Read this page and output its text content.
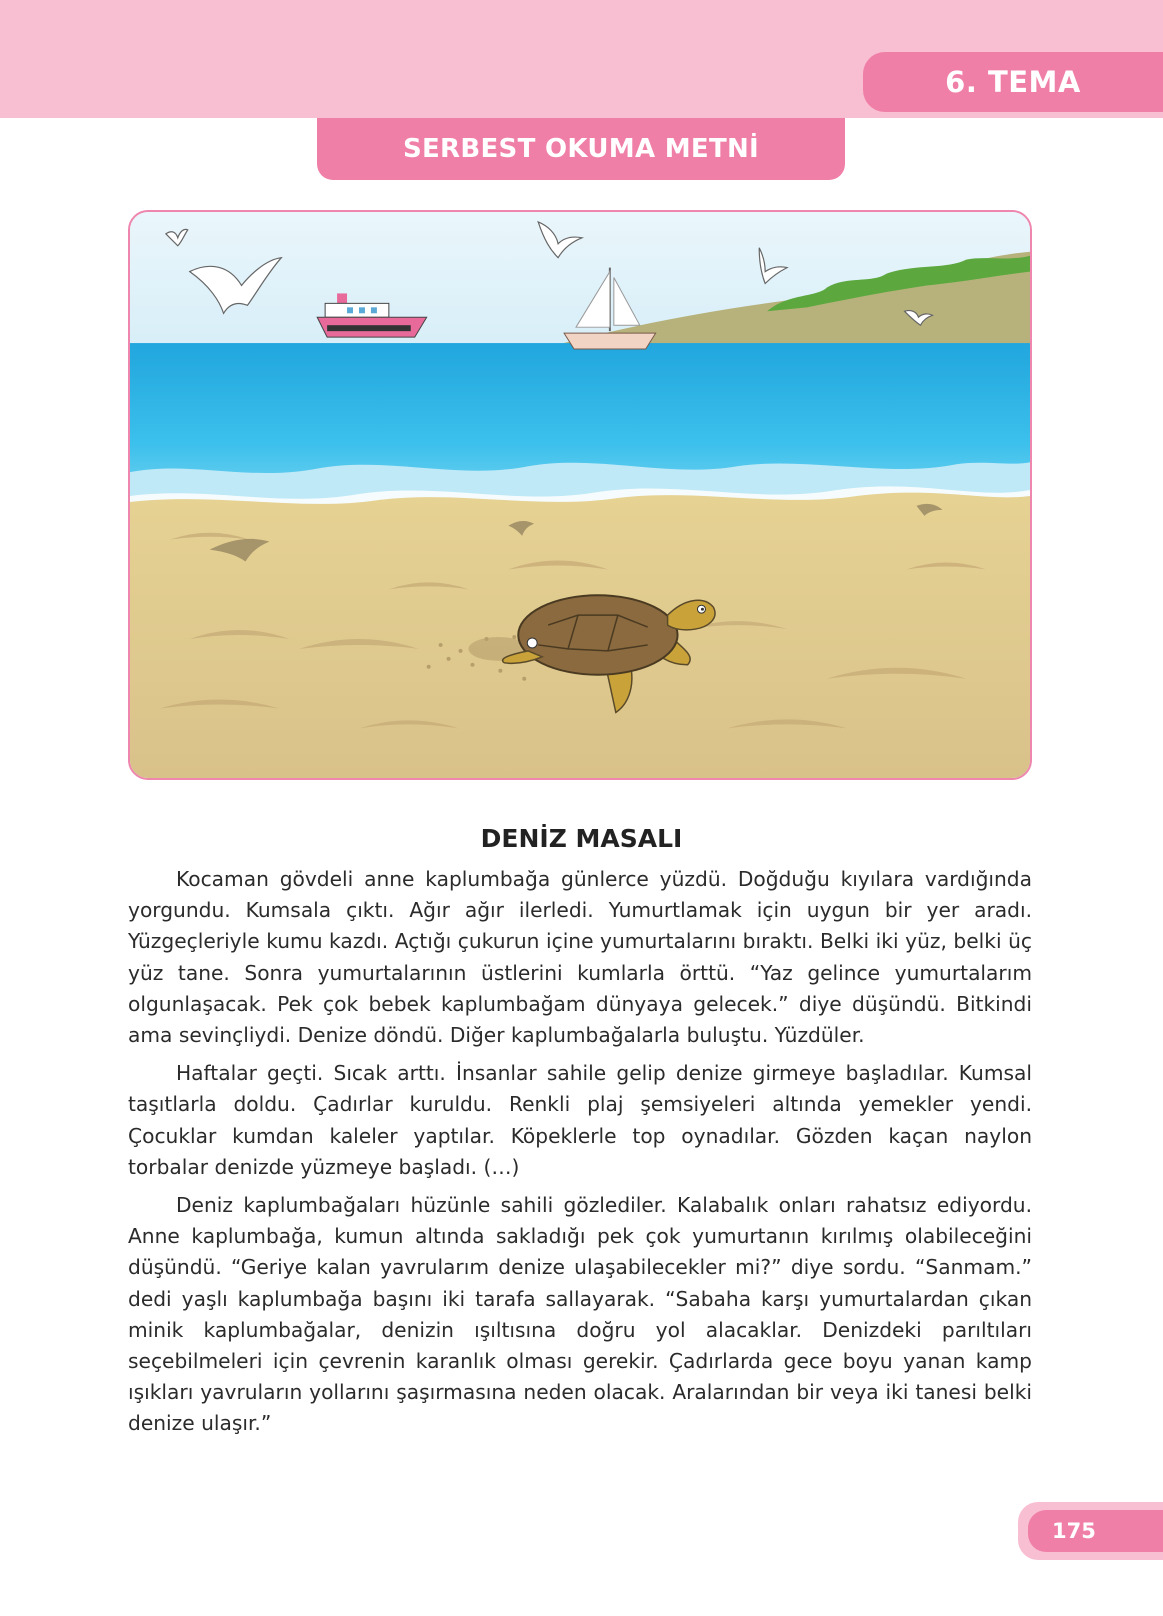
6. TEMA
SERBEST OKUMA METNİ
DENİZ MASALI

Kocaman gövdeli anne kaplumbağa günlerce yüzdü. Doğduğu kıyılara vardığında yorgundu. Kumsala çıktı. Ağır ağır ilerledi. Yumurtlamak için uygun bir yer aradı. Yüzgeçleriyle kumu kazdı. Açtığı çukurun içine yumurtalarını bıraktı. Belki iki yüz, belki üç yüz tane. Sonra yumurtalarının üstlerini kumlarla örttü. “Yaz gelince yumurtalarım olgunlaşacak. Pek çok bebek kaplumbağam dünyaya gelecek.” diye düşündü. Bitkindi ama sevinçliydi. Denize döndü. Diğer kaplumbağalarla buluştu. Yüzdüler.

Haftalar geçti. Sıcak arttı. İnsanlar sahile gelip denize girmeye başladılar. Kumsal taşıtlarla doldu. Çadırlar kuruldu. Renkli plaj şemsiyeleri altında yemekler yendi. Çocuklar kumdan kaleler yaptılar. Köpeklerle top oynadılar. Gözden kaçan naylon torbalar denizde yüzmeye başladı. (…)

Deniz kaplumbağaları hüzünle sahili gözlediler. Kalabalık onları rahatsız ediyordu. Anne kaplumbağa, kumun altında sakladığı pek çok yumurtanın kırılmış olabileceğini düşündü. “Geriye kalan yavrularım denize ulaşabilecekler mi?” diye sordu. “Sanmam.” dedi yaşlı kaplumbağa başını iki tarafa sallayarak. “Sabaha karşı yumurtalardan çıkan minik kaplumbağalar, denizin ışıltısına doğru yol alacaklar. Denizdeki parıltıları seçebilmeleri için çevrenin karanlık olması gerekir. Çadırlarda gece boyu yanan kamp ışıkları yavruların yollarını şaşırmasına neden olacak. Aralarından bir veya iki tanesi belki denize ulaşır.”

175
